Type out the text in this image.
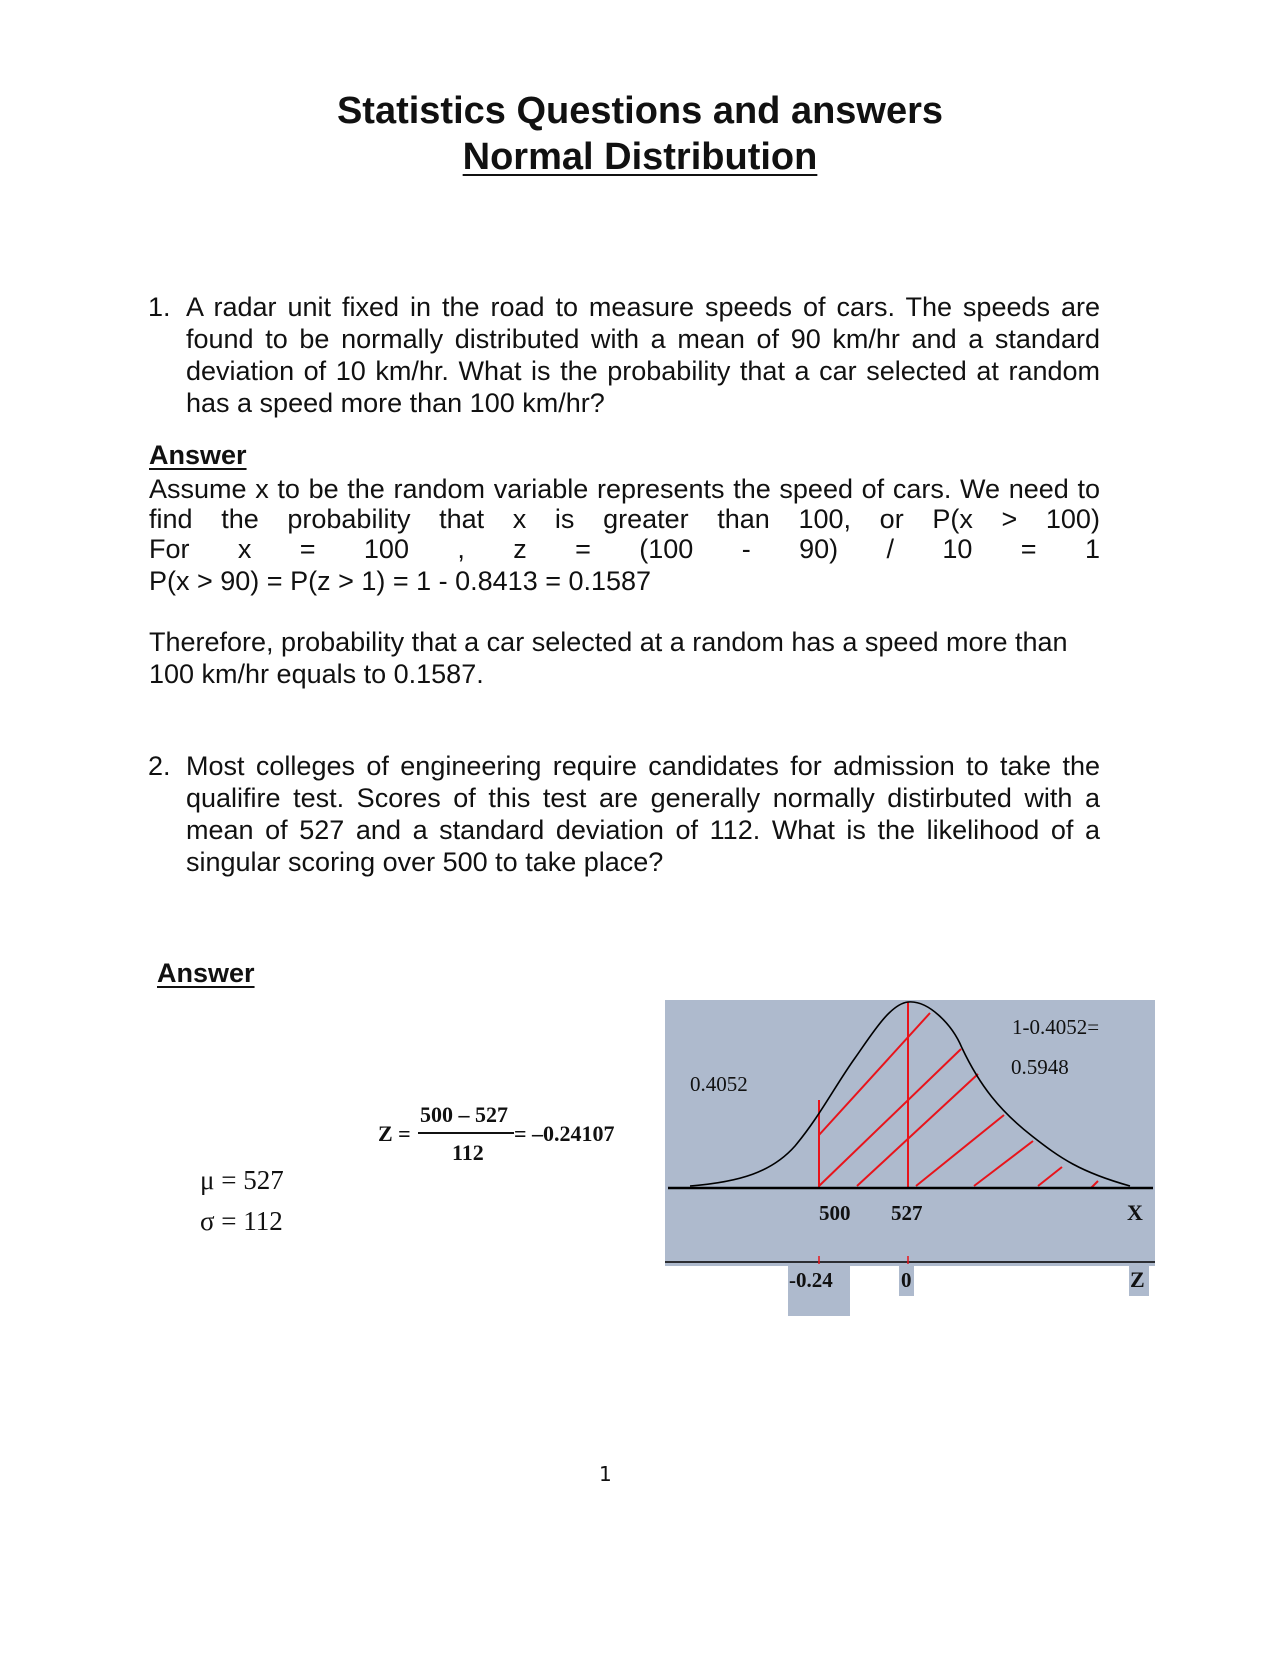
Statistics Questions and answers
Normal Distribution
1. A radar unit fixed in the road to measure speeds of cars. The speeds are found to be normally distributed with a mean of 90 km/hr and a standard deviation of 10 km/hr. What is the probability that a car selected at random has a speed more than 100 km/hr?
Answer
Assume x to be the random variable represents the speed of cars. We need to
find the probability that x is greater than 100, or P(x > 100)
For x = 100 , z = (100 - 90) / 10 = 1
P(x > 90) = P(z > 1) = 1 - 0.8413 = 0.1587
Therefore, probability that a car selected at a random has a speed more than 100 km/hr equals to 0.1587.
2. Most colleges of engineering require candidates for admission to take the qualifire test. Scores of this test are generally normally distirbuted with a mean of 527 and a standard deviation of 112. What is the likelihood of a singular scoring over 500 to take place?
Answer
μ = 527
σ = 112
Z =
500 – 527
112
= –0.24107
0.4052
1-0.4052=
0.5948
500 527	X
-0.24	0	Z
1
